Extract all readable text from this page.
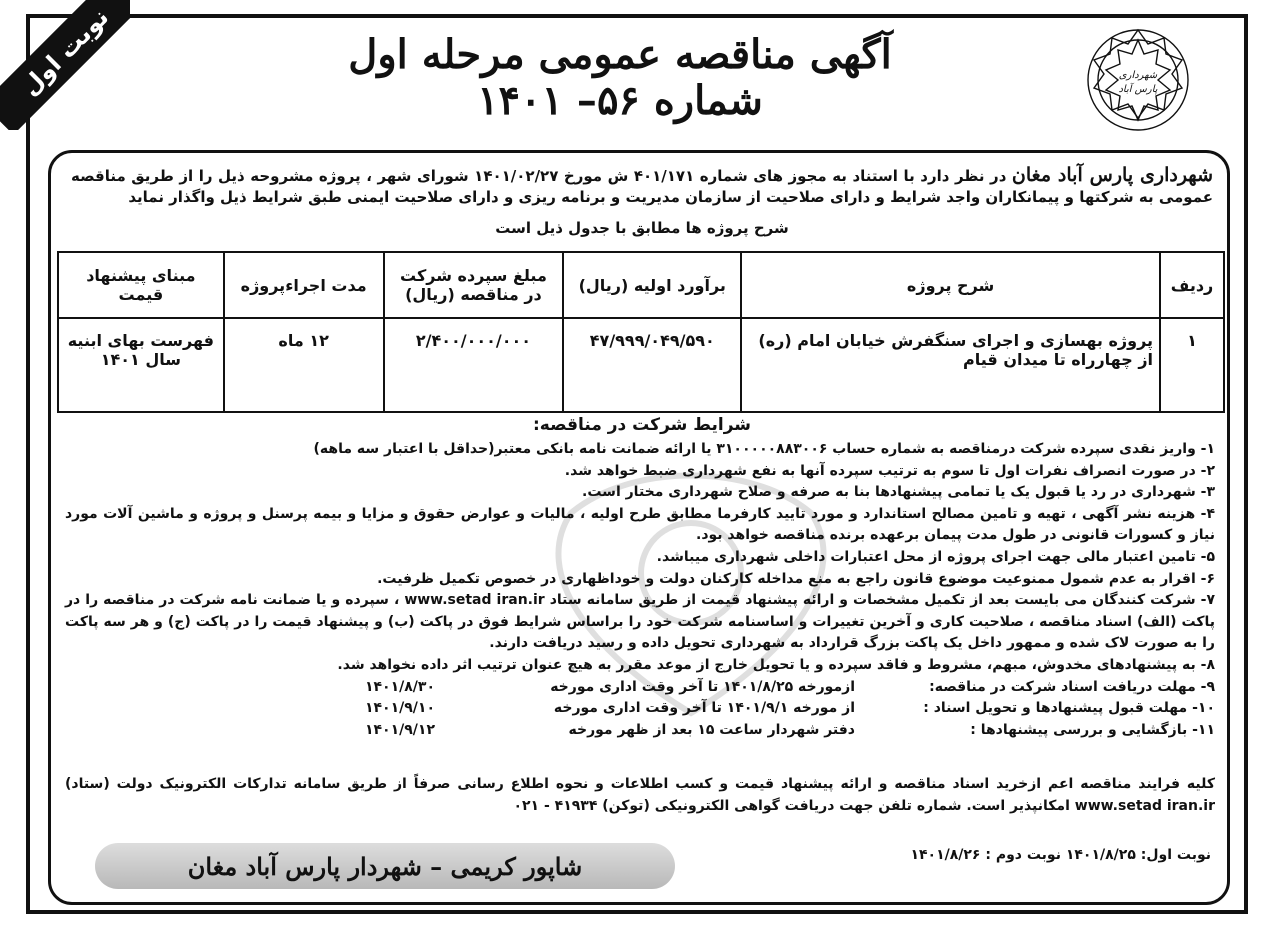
نوبت اول	شهرداری
پارس آباد
آگهی مناقصه عمومی مرحله اول
شماره ۵۶– ۱۴۰۱
شهرداری پارس آباد مغان در نظر دارد با استناد به مجوز های شماره ۴۰۱/۱۷۱ ش مورخ ۱۴۰۱/۰۲/۲۷ شورای شهر ، پروژه مشروحه ذیل را از طریق مناقصه عمومی به شرکتها و پیمانکاران واجد شرایط و دارای صلاحیت از سازمان مدیریت و برنامه ریزی و دارای صلاحیت ایمنی طبق شرایط ذیل واگذار نماید
شرح پروژه ها مطابق با جدول ذیل است
ردیف	شرح پروژه	برآورد اولیه (ریال)	مبلغ سپرده شرکت در مناقصه (ریال)	مدت اجراءپروژه	مبنای پیشنهاد قیمت
۱	پروژه بهسازی و اجرای سنگفرش خیابان امام (ره) از چهارراه تا میدان قیام	۴۷/۹۹۹/۰۴۹/۵۹۰	۲/۴۰۰/۰۰۰/۰۰۰	۱۲ ماه	فهرست بهای ابنیه سال ۱۴۰۱
شرایط شرکت در مناقصه:
۱- واریز نقدی سپرده شرکت درمناقصه به شماره حساب ۳۱۰۰۰۰۰۸۸۳۰۰۶ یا ارائه ضمانت نامه بانکی معتبر(حداقل با اعتبار سه ماهه)
۲- در صورت انصراف نفرات اول تا سوم به ترتیب سپرده آنها به نفع شهرداری ضبط خواهد شد.
۳- شهرداری در رد یا قبول یک یا تمامی پیشنهادها بنا به صرفه و صلاح شهرداری مختار است.
۴- هزینه نشر آگهی ، تهیه و تامین مصالح استاندارد و مورد تایید کارفرما مطابق طرح اولیه ، مالیات و عوارض حقوق و مزایا و بیمه پرسنل و پروژه و ماشین آلات مورد نیاز و کسورات قانونی در طول مدت پیمان برعهده برنده مناقصه خواهد بود.
۵- تامین اعتبار مالی جهت اجرای پروژه از محل اعتبارات داخلی شهرداری میباشد.
۶- اقرار به عدم شمول ممنوعیت موضوع قانون راجع به منع مداخله کارکنان دولت و خوداظهاری در خصوص تکمیل ظرفیت.
۷- شرکت کنندگان می بایست بعد از تکمیل مشخصات و ارائه پیشنهاد قیمت از طریق سامانه ستاد www.setad iran.ir ، سپرده و یا ضمانت نامه شرکت در مناقصه را در پاکت (الف) اسناد مناقصه ، صلاحیت کاری و آخرین تغییرات و اساسنامه شرکت خود را براساس شرایط فوق در پاکت (ب) و پیشنهاد قیمت را در پاکت (ج) و هر سه پاکت را به صورت لاک شده و ممهور داخل یک پاکت بزرگ قرارداد به شهرداری تحویل داده و رسید دریافت دارند.
۸- به پیشنهادهای مخدوش، مبهم، مشروط و فاقد سپرده و یا تحویل خارج از موعد مقرر به هیچ عنوان ترتیب اثر داده نخواهد شد.
۹- مهلت دریافت اسناد شرکت در مناقصه:
ازمورخه ۱۴۰۱/۸/۲۵ تا آخر وقت اداری مورخه
۱۴۰۱/۸/۳۰
۱۰- مهلت قبول پیشنهادها و تحویل اسناد :
از مورخه ۱۴۰۱/۹/۱ تا آخر وقت اداری مورخه
۱۴۰۱/۹/۱۰
۱۱- بازگشایی و بررسی پیشنهادها :
دفتر شهردار ساعت ۱۵ بعد از ظهر مورخه
۱۴۰۱/۹/۱۲
کلیه فرایند مناقصه اعم ازخرید اسناد مناقصه و ارائه پیشنهاد قیمت و کسب اطلاعات و نحوه اطلاع رسانی صرفاً از طریق سامانه تدارکات الکترونیک دولت (ستاد) www.setad iran.ir امکانپذیر است. شماره تلفن جهت دریافت گواهی الکترونیکی (توکن) ۴۱۹۳۴ - ۰۲۱
نوبت اول: ۱۴۰۱/۸/۲۵ نوبت دوم : ۱۴۰۱/۸/۲۶
شاپور کریمی – شهردار پارس آباد مغان
